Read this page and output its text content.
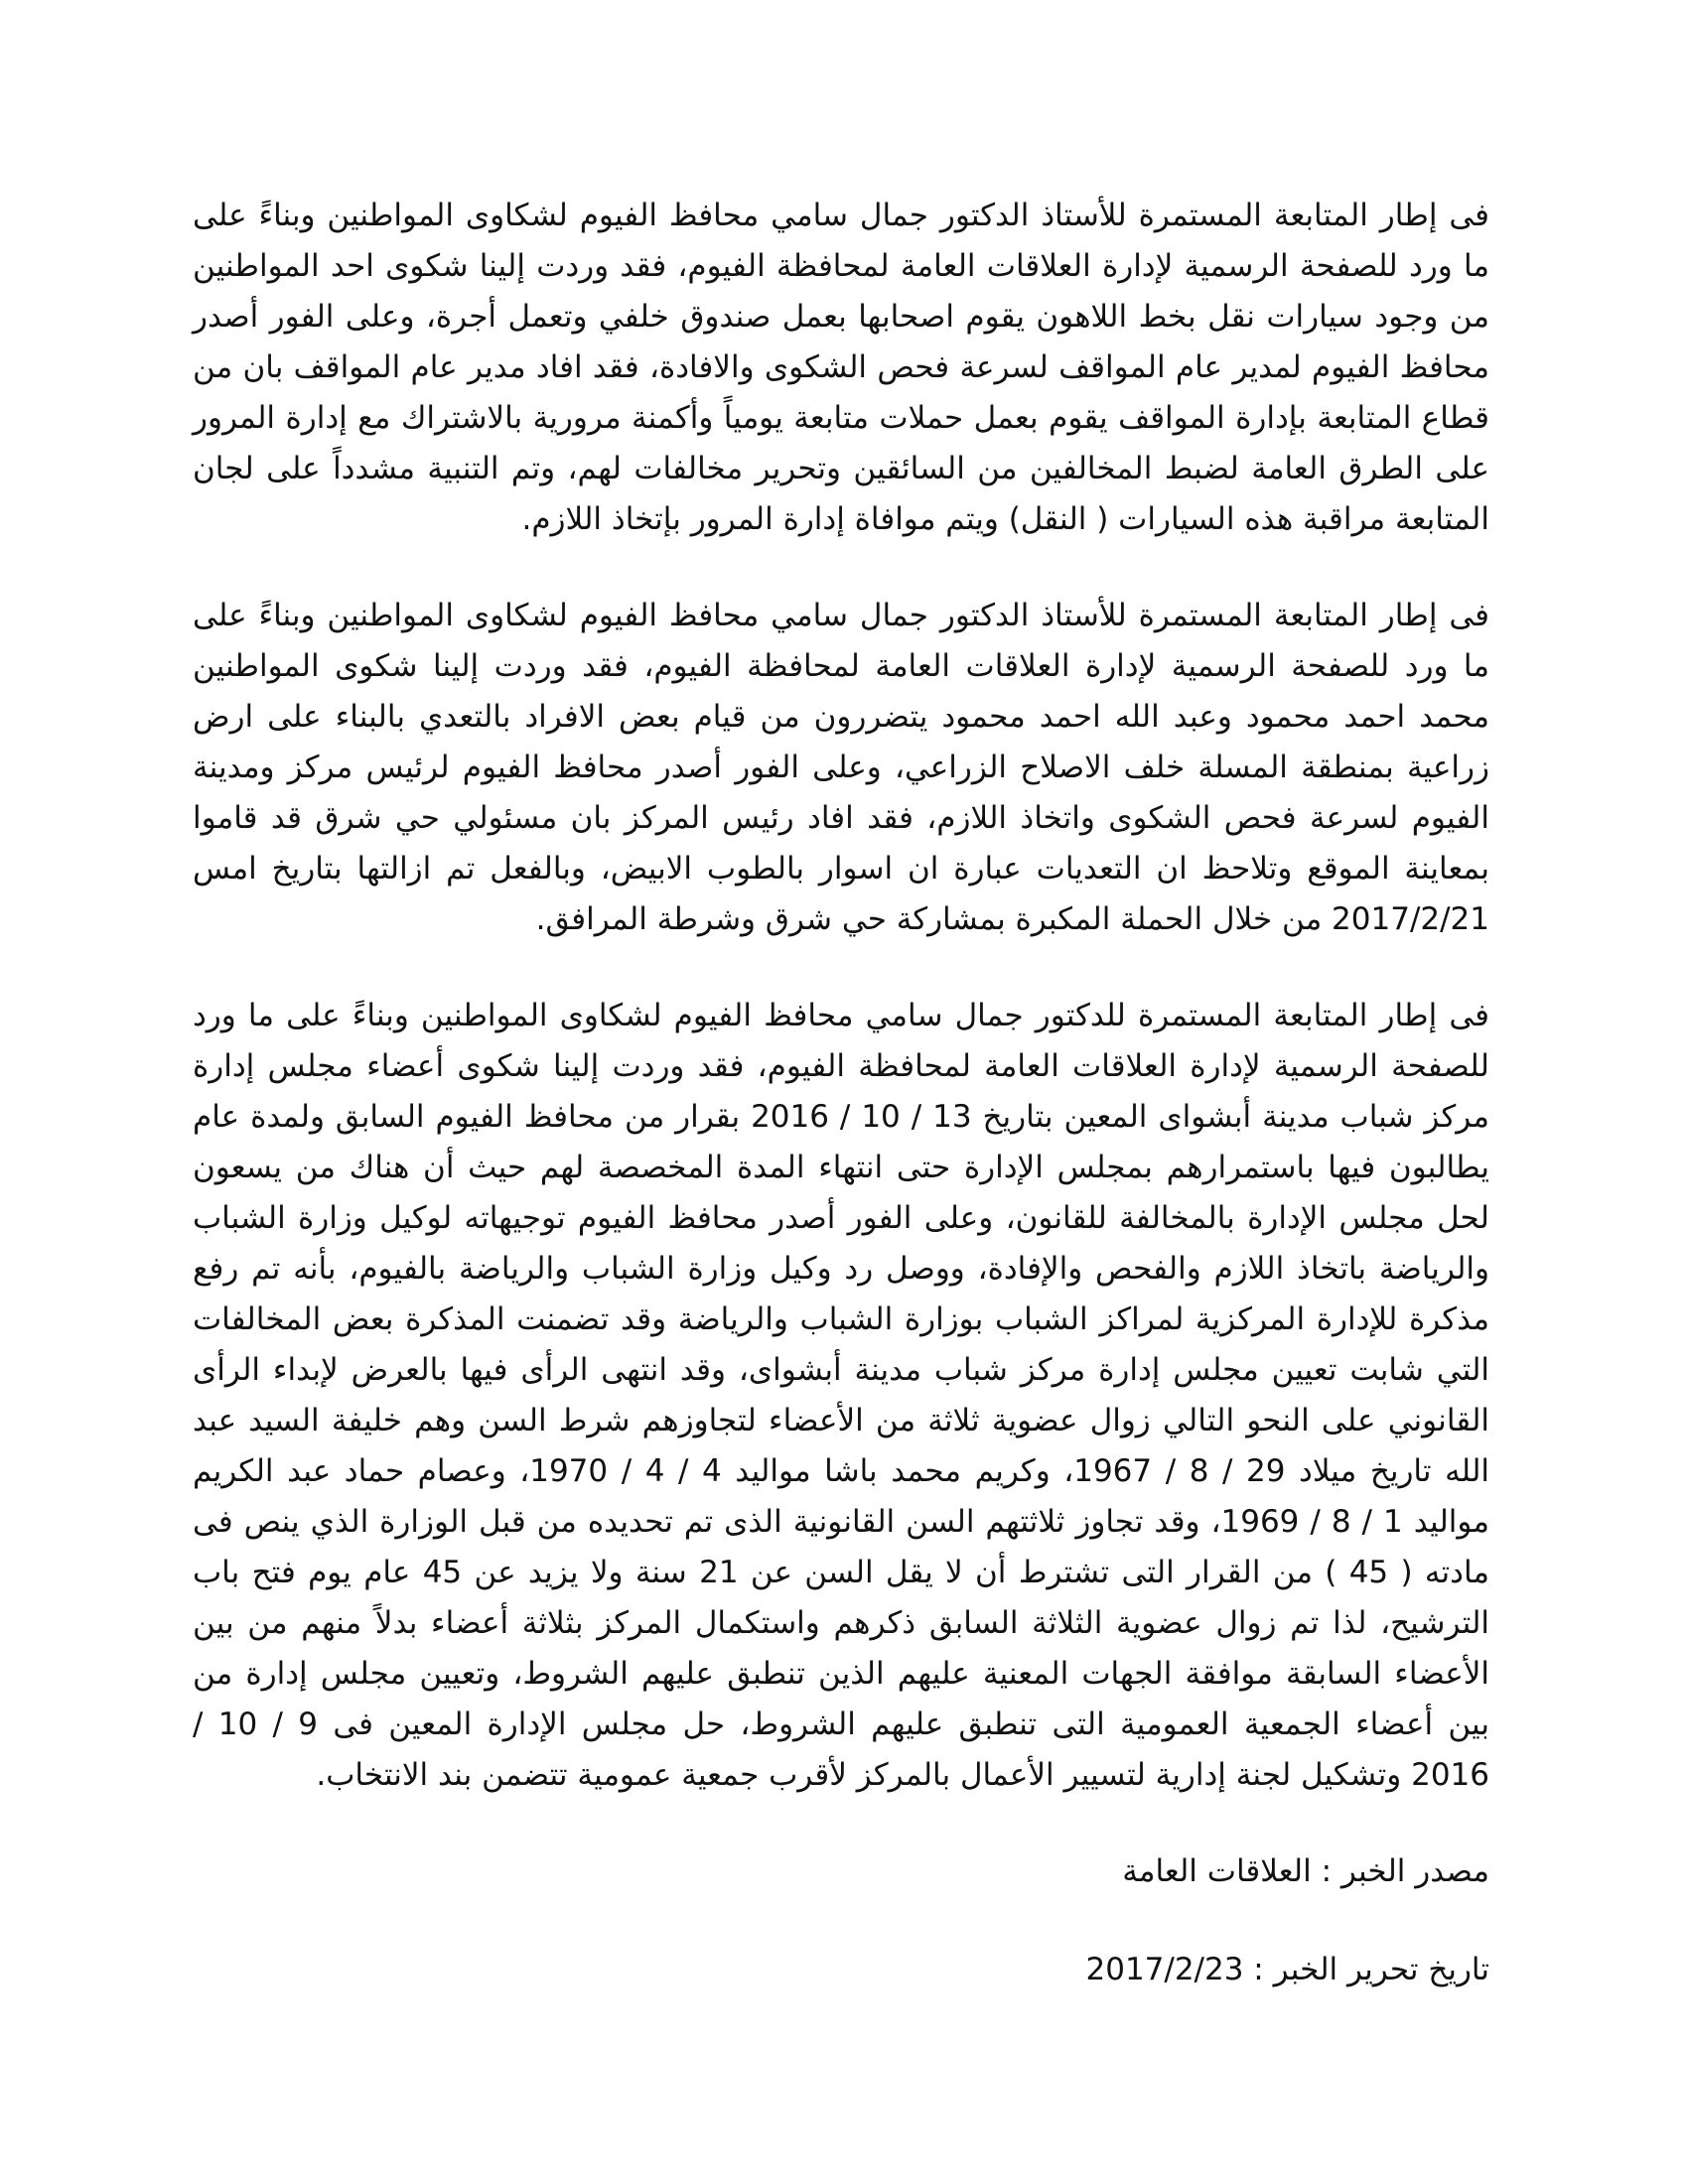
فى إطار المتابعة المستمرة للأستاذ الدكتور جمال سامي محافظ الفيوم لشكاوى المواطنين وبناءً على ما ورد للصفحة الرسمية لإدارة العلاقات العامة لمحافظة الفيوم، فقد وردت إلينا شكوى احد المواطنين من وجود سيارات نقل بخط اللاهون يقوم اصحابها بعمل صندوق خلفي وتعمل أجرة، وعلى الفور أصدر محافظ الفيوم لمدير عام المواقف لسرعة فحص الشكوى والافادة، فقد افاد مدير عام المواقف بان من قطاع المتابعة بإدارة المواقف يقوم بعمل حملات متابعة يومياً وأكمنة مرورية بالاشتراك مع إدارة المرور على الطرق العامة لضبط المخالفين من السائقين وتحرير مخالفات لهم، وتم التنبية مشدداً على لجان المتابعة مراقبة هذه السيارات ( النقل) ويتم موافاة إدارة المرور بإتخاذ اللازم.

فى إطار المتابعة المستمرة للأستاذ الدكتور جمال سامي محافظ الفيوم لشكاوى المواطنين وبناءً على ما ورد للصفحة الرسمية لإدارة العلاقات العامة لمحافظة الفيوم، فقد وردت إلينا شكوى المواطنين محمد احمد محمود وعبد الله احمد محمود يتضررون من قيام بعض الافراد بالتعدي بالبناء على ارض زراعية بمنطقة المسلة خلف الاصلاح الزراعي، وعلى الفور أصدر محافظ الفيوم لرئيس مركز ومدينة الفيوم لسرعة فحص الشكوى واتخاذ اللازم، فقد افاد رئيس المركز بان مسئولي حي شرق قد قاموا بمعاينة الموقع وتلاحظ ان التعديات عبارة ان اسوار بالطوب الابيض، وبالفعل تم ازالتها بتاريخ امس 2017/2/21 من خلال الحملة المكبرة بمشاركة حي شرق وشرطة المرافق.

فى إطار المتابعة المستمرة للدكتور جمال سامي محافظ الفيوم لشكاوى المواطنين وبناءً على ما ورد للصفحة الرسمية لإدارة العلاقات العامة لمحافظة الفيوم، فقد وردت إلينا شكوى أعضاء مجلس إدارة مركز شباب مدينة أبشواى المعين بتاريخ 13 / 10 / 2016 بقرار من محافظ الفيوم السابق ولمدة عام يطالبون فيها باستمرارهم بمجلس الإدارة حتى انتهاء المدة المخصصة لهم حيث أن هناك من يسعون لحل مجلس الإدارة بالمخالفة للقانون، وعلى الفور أصدر محافظ الفيوم توجيهاته لوكيل وزارة الشباب والرياضة باتخاذ اللازم والفحص والإفادة، ووصل رد وكيل وزارة الشباب والرياضة بالفيوم، بأنه تم رفع مذكرة للإدارة المركزية لمراكز الشباب بوزارة الشباب والرياضة وقد تضمنت المذكرة بعض المخالفات التي شابت تعيين مجلس إدارة مركز شباب مدينة أبشواى، وقد انتهى الرأى فيها بالعرض لإبداء الرأى القانوني على النحو التالي زوال عضوية ثلاثة من الأعضاء لتجاوزهم شرط السن وهم خليفة السيد عبد الله تاريخ ميلاد 29 / 8 / 1967، وكريم محمد باشا مواليد 4 / 4 / 1970، وعصام حماد عبد الكريم مواليد 1 / 8 / 1969، وقد تجاوز ثلاثتهم السن القانونية الذى تم تحديده من قبل الوزارة الذي ينص فى مادته ( 45 ) من القرار التى تشترط أن لا يقل السن عن 21 سنة ولا يزيد عن 45 عام يوم فتح باب الترشيح، لذا تم زوال عضوية الثلاثة السابق ذكرهم واستكمال المركز بثلاثة أعضاء بدلاً منهم من بين الأعضاء السابقة موافقة الجهات المعنية عليهم الذين تنطبق عليهم الشروط، وتعيين مجلس إدارة من بين أعضاء الجمعية العمومية التى تنطبق عليهم الشروط، حل مجلس الإدارة المعين فى 9 / 10 / 2016 وتشكيل لجنة إدارية لتسيير الأعمال بالمركز لأقرب جمعية عمومية تتضمن بند الانتخاب.

مصدر الخبر : العلاقات العامة

تاريخ تحرير الخبر : 2017/2/23
